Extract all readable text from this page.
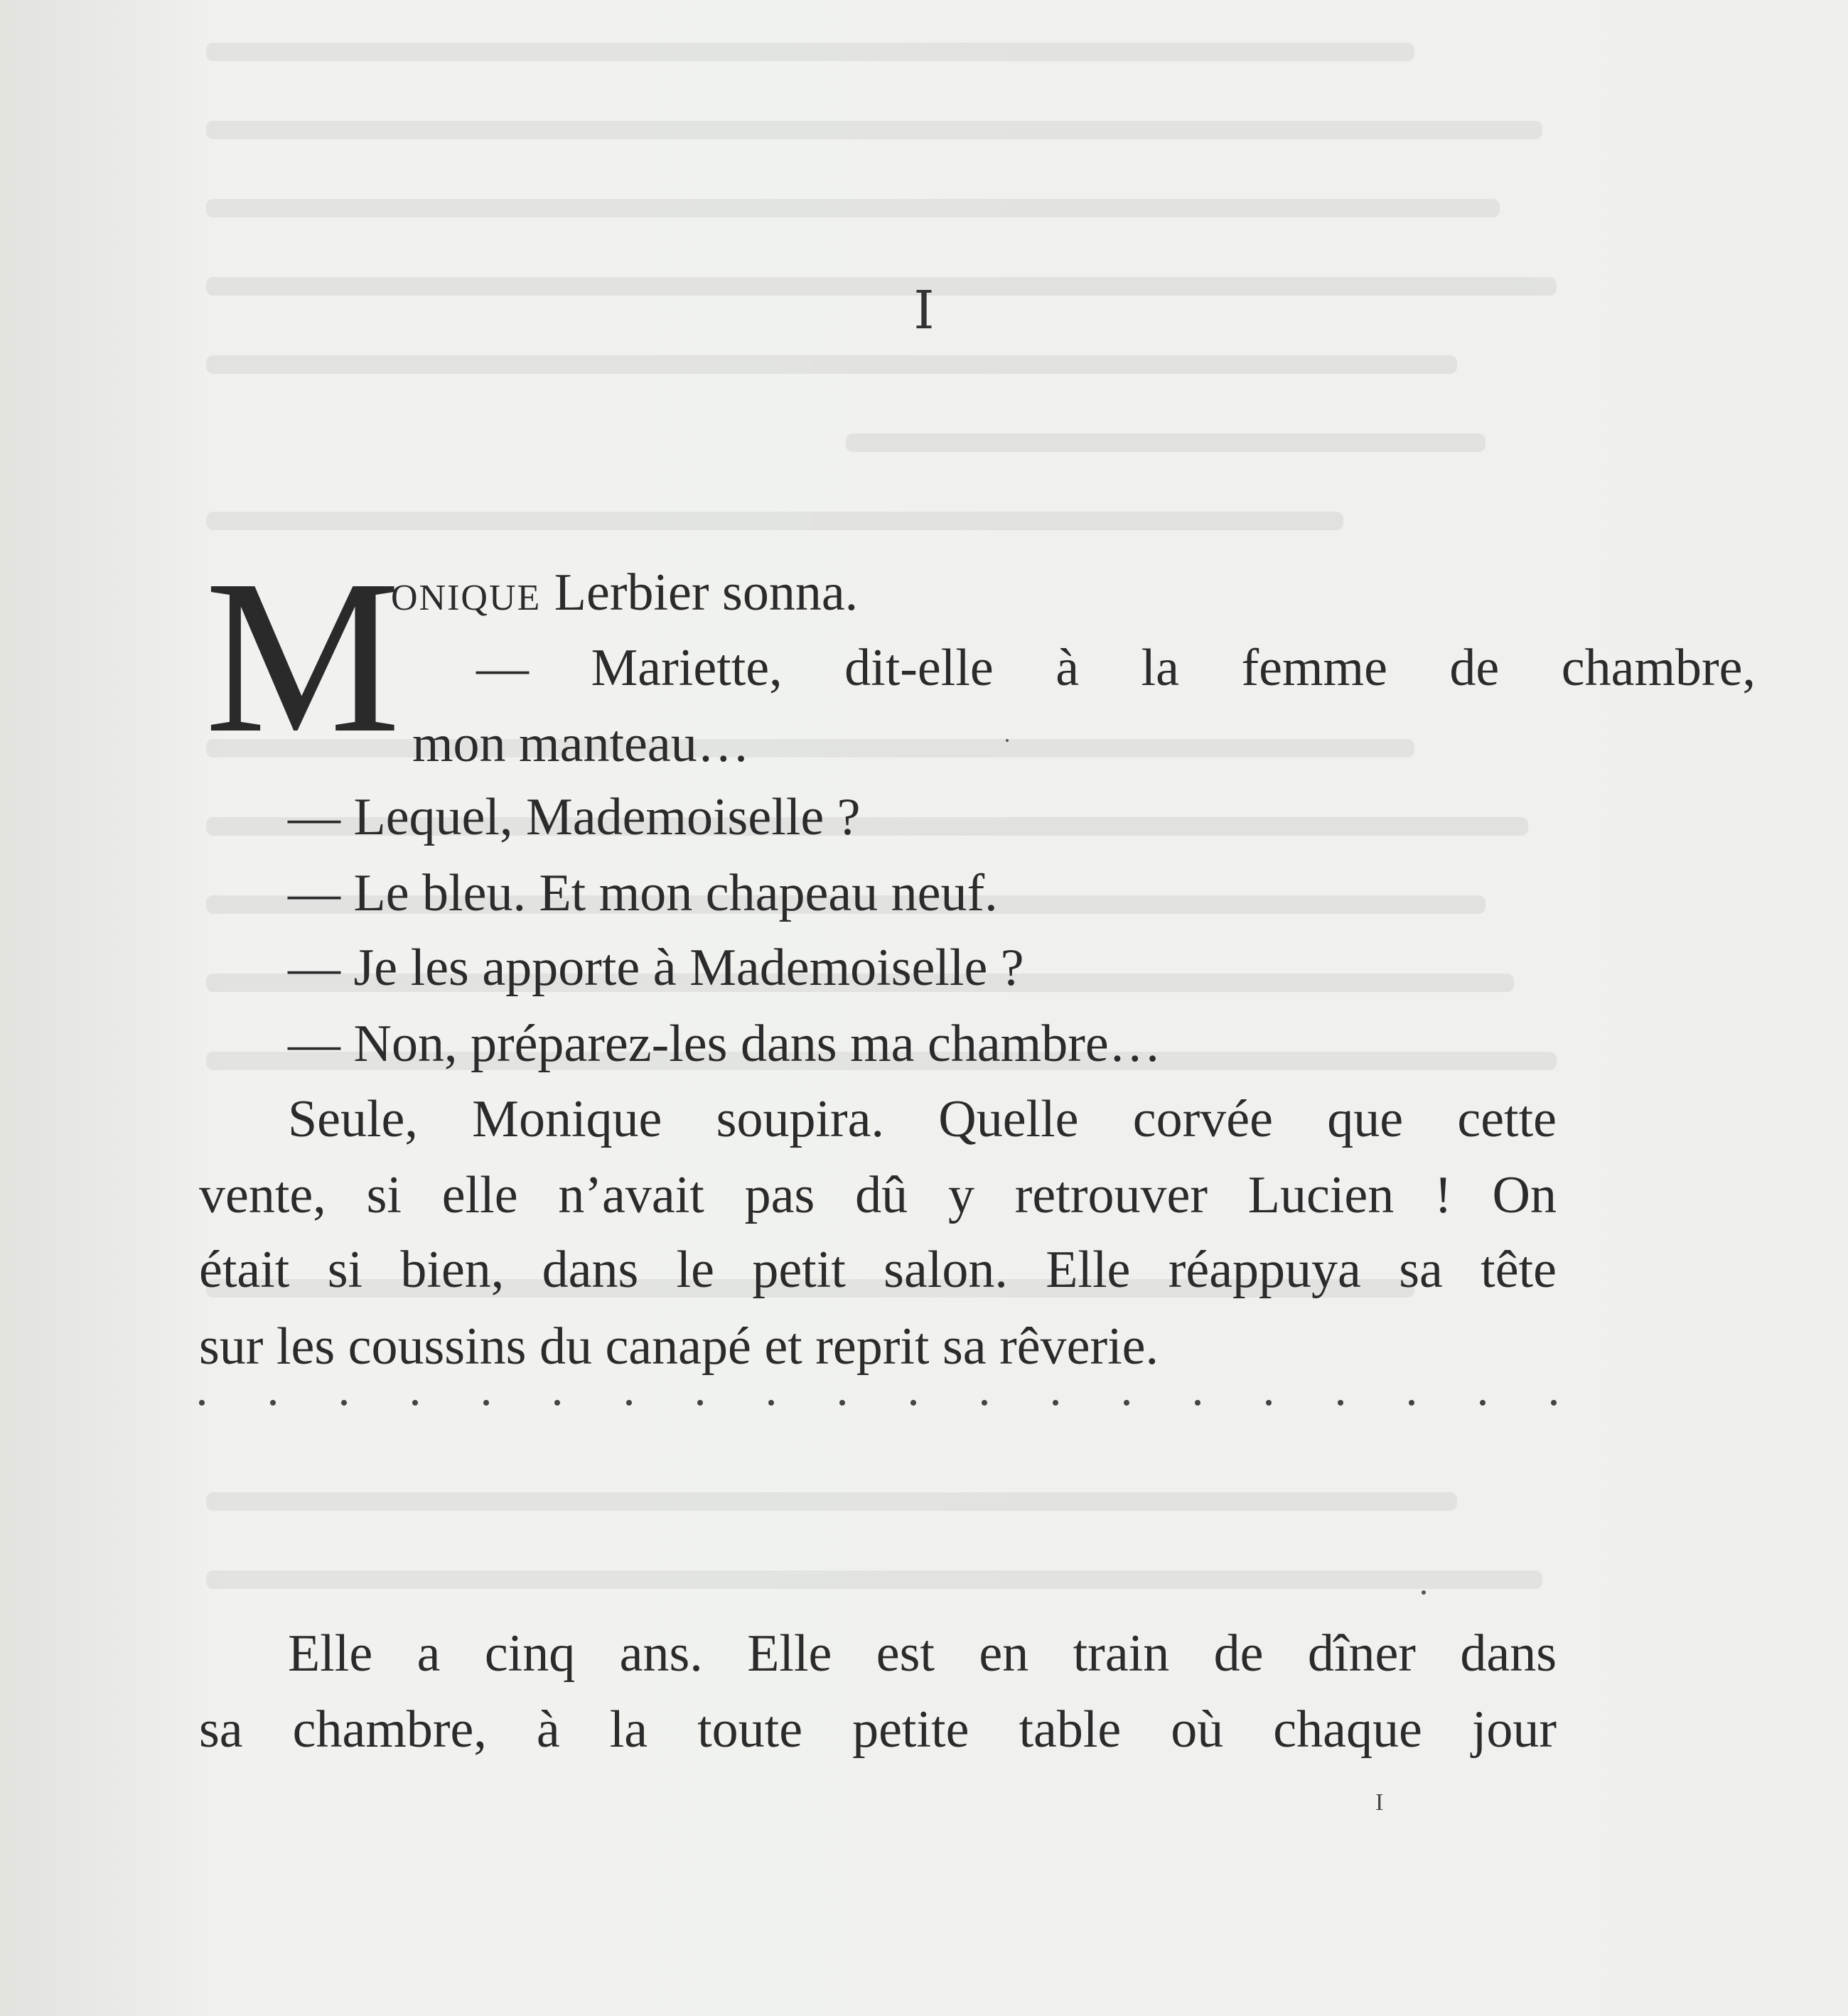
I
M
onique Lerbier sonna.
— Mariette, dit-elle à la femme de chambre,
mon manteau…
— Lequel, Mademoiselle ?
— Le bleu. Et mon chapeau neuf.
— Je les apporte à Mademoiselle ?
— Non, préparez-les dans ma chambre…
Seule, Monique soupira. Quelle corvée que cette
vente, si elle n’avait pas dû y retrouver Lucien ! On
était si bien, dans le petit salon. Elle réappuya sa tête
sur les coussins du canapé et reprit sa rêverie.
Elle a cinq ans. Elle est en train de dîner dans
sa chambre, à la toute petite table où chaque jour
I
